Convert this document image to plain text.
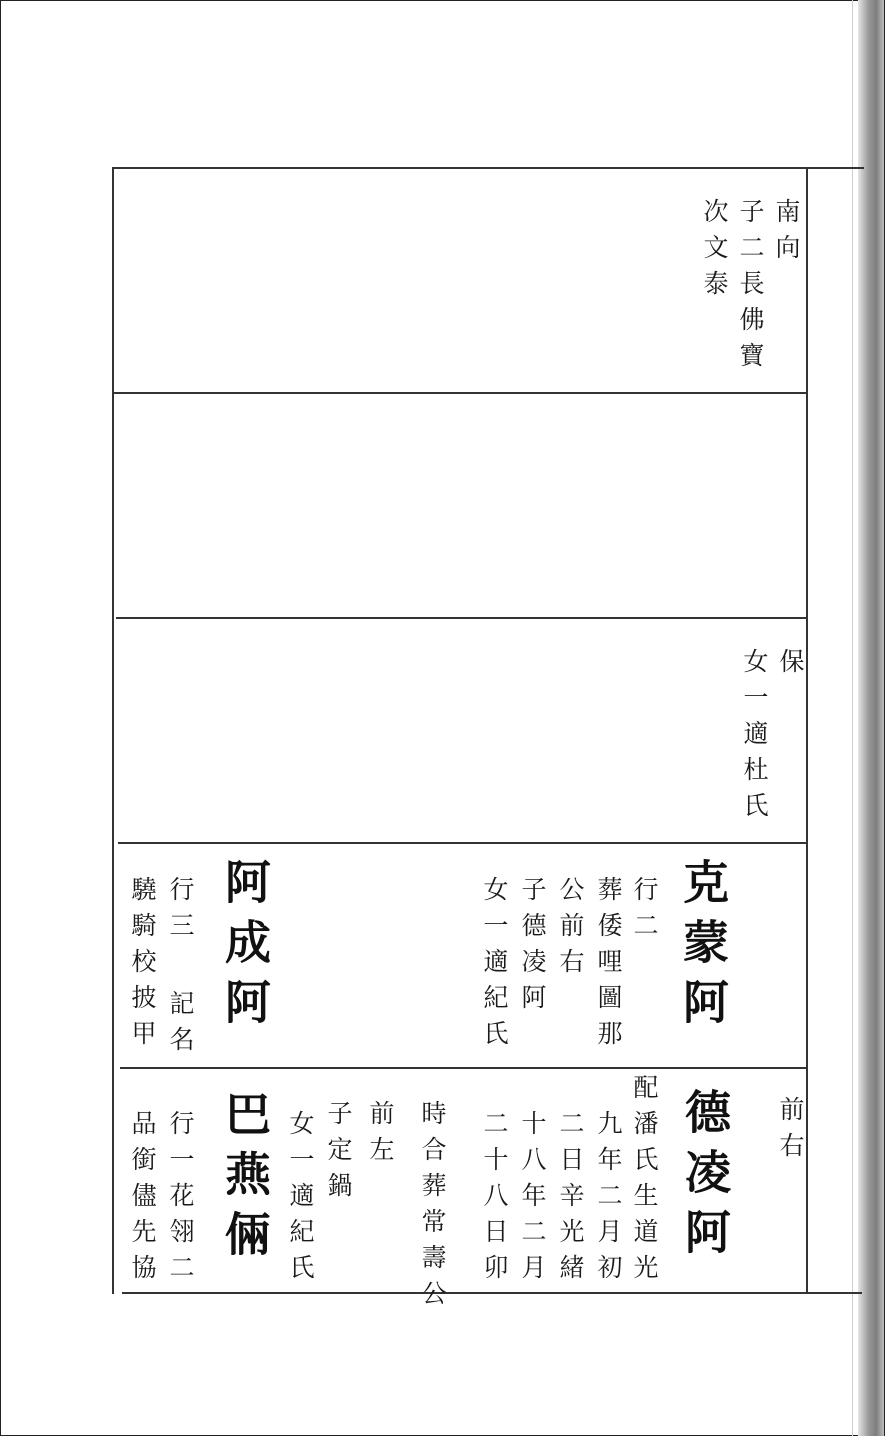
南向
子二長佛寶
次文泰
保
女一適杜氏
克蒙阿
行二
葬倭哩圖那
公前右
子德凌阿
女一適紀氏
阿成阿
行三
記名
驍騎校披甲
前右
德凌阿
配潘氏生道光
九年二月初
二日辛光緒
十八年二月
二十八日卯
時合葬常壽公
前左
子定鍋
女一適紀氏
巴燕倆
行一花翎二
品銜儘先協
